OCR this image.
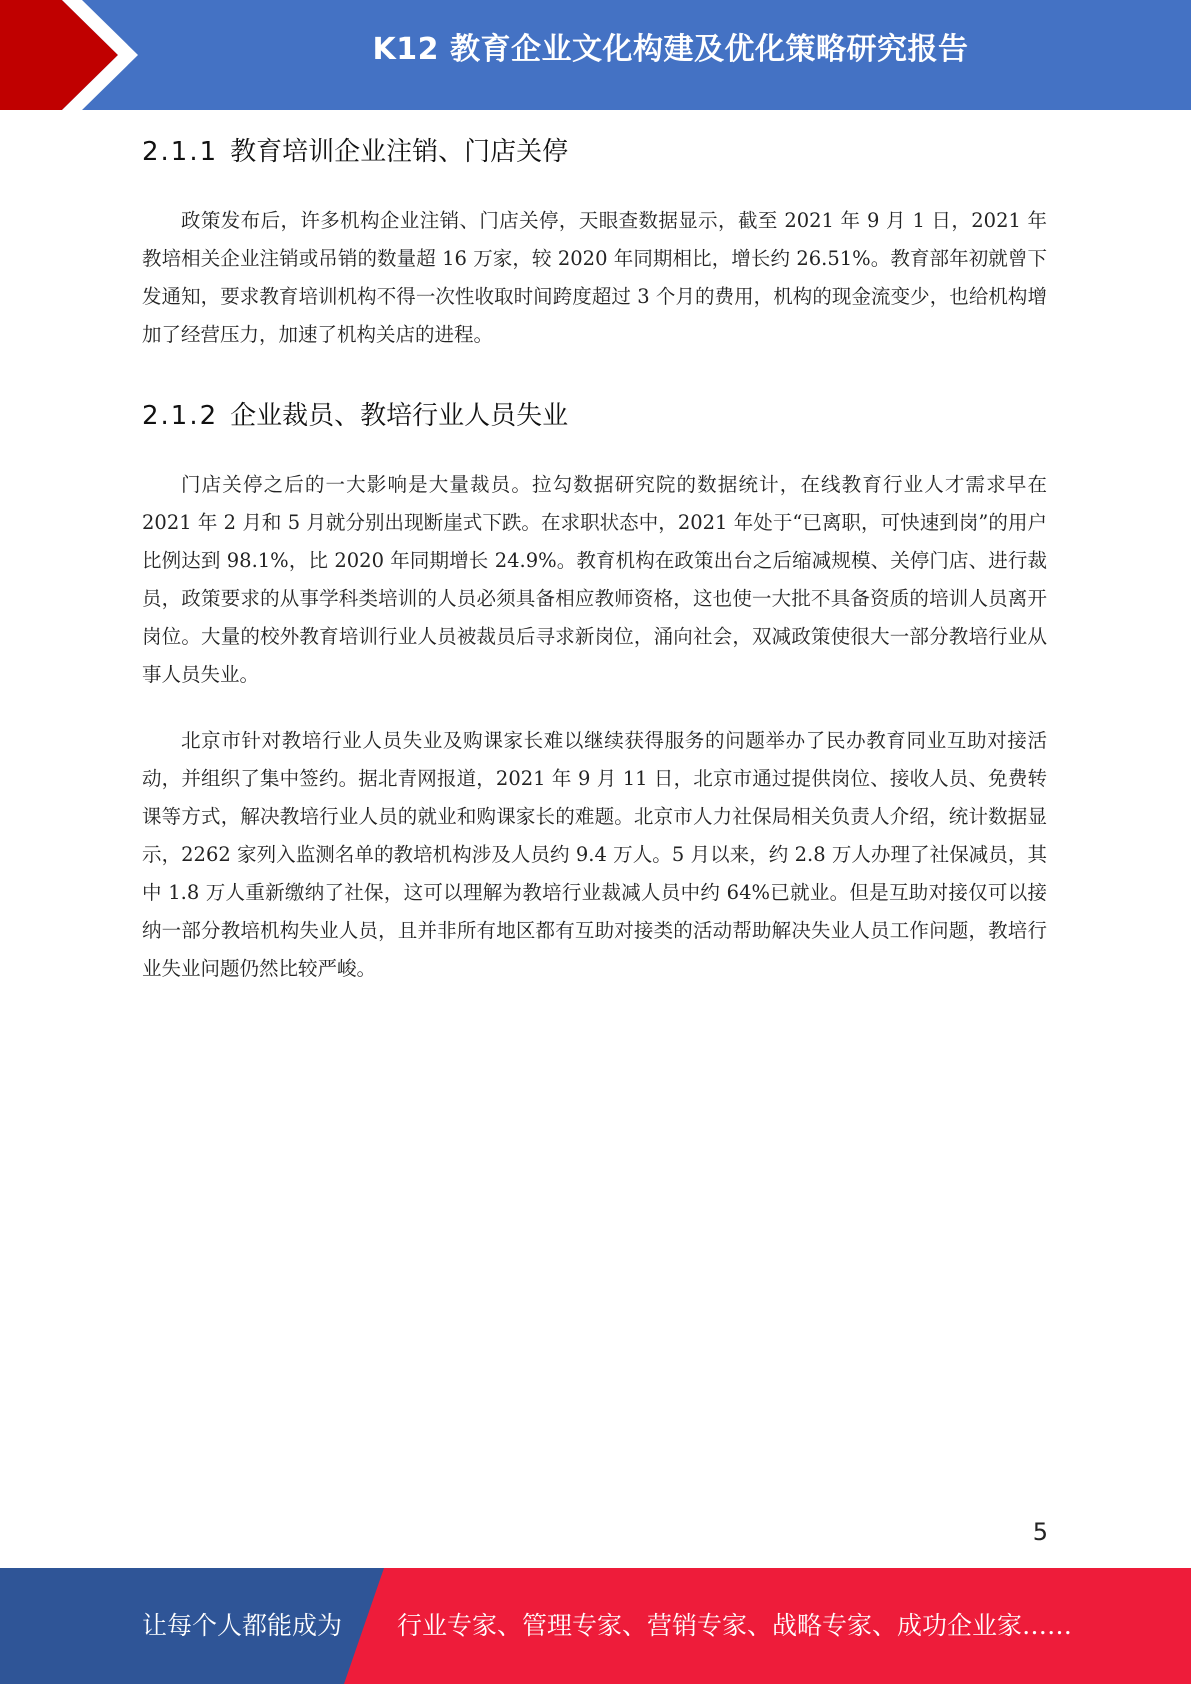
K12 教育企业文化构建及优化策略研究报告
2.1.1 教育培训企业注销、门店关停

政策发布后，许多机构企业注销、门店关停，天眼查数据显示，截至 2021 年 9 月 1 日，2021 年教培相关企业注销或吊销的数量超 16 万家，较 2020 年同期相比，增长约 26.51%。教育部年初就曾下发通知，要求教育培训机构不得一次性收取时间跨度超过 3 个月的费用，机构的现金流变少，也给机构增加了经营压力，加速了机构关店的进程。

2.1.2 企业裁员、教培行业人员失业

门店关停之后的一大影响是大量裁员。拉勾数据研究院的数据统计，在线教育行业人才需求早在 2021 年 2 月和 5 月就分别出现断崖式下跌。在求职状态中，2021 年处于“已离职，可快速到岗”的用户比例达到 98.1%，比 2020 年同期增长 24.9%。教育机构在政策出台之后缩减规模、关停门店、进行裁员，政策要求的从事学科类培训的人员必须具备相应教师资格，这也使一大批不具备资质的培训人员离开岗位。大量的校外教育培训行业人员被裁员后寻求新岗位，涌向社会，双减政策使很大一部分教培行业从事人员失业。

北京市针对教培行业人员失业及购课家长难以继续获得服务的问题举办了民办教育同业互助对接活动，并组织了集中签约。据北青网报道，2021 年 9 月 11 日，北京市通过提供岗位、接收人员、免费转课等方式，解决教培行业人员的就业和购课家长的难题。北京市人力社保局相关负责人介绍，统计数据显示，2262 家列入监测名单的教培机构涉及人员约 9.4 万人。5 月以来，约 2.8 万人办理了社保减员，其中 1.8 万人重新缴纳了社保，这可以理解为教培行业裁减人员中约 64%已就业。但是互助对接仅可以接纳一部分教培机构失业人员，且并非所有地区都有互助对接类的活动帮助解决失业人员工作问题，教培行业失业问题仍然比较严峻。

5
让每个人都能成为 行业专家、管理专家、营销专家、战略专家、成功企业家……
